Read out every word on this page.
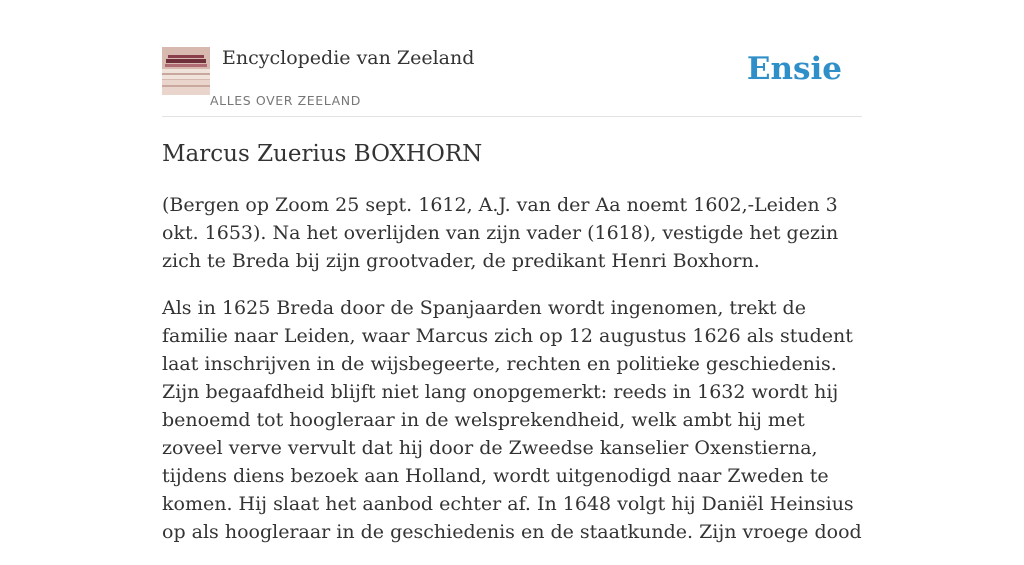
Encyclopedie van Zeeland
ALLES OVER ZEELAND
Ensie
Marcus Zuerius BOXHORN

(Bergen op Zoom 25 sept. 1612, A.J. van der Aa noemt 1602,-Leiden 3 okt. 1653). Na het overlijden van zijn vader (1618), vestigde het gezin zich te Breda bij zijn grootvader, de predikant Henri Boxhorn.

Als in 1625 Breda door de Spanjaarden wordt ingenomen, trekt de familie naar Leiden, waar Marcus zich op 12 augustus 1626 als student laat inschrijven in de wijsbegeerte, rechten en politieke geschiedenis. Zijn begaafdheid blijft niet lang onopgemerkt: reeds in 1632 wordt hij benoemd tot hoogleraar in de welsprekendheid, welk ambt hij met zoveel verve vervult dat hij door de Zweedse kanselier Oxenstierna, tijdens diens bezoek aan Holland, wordt uitgenodigd naar Zweden te komen. Hij slaat het aanbod echter af. In 1648 volgt hij Daniël Heinsius op als hoogleraar in de geschiedenis en de staatkunde. Zijn vroege dood
